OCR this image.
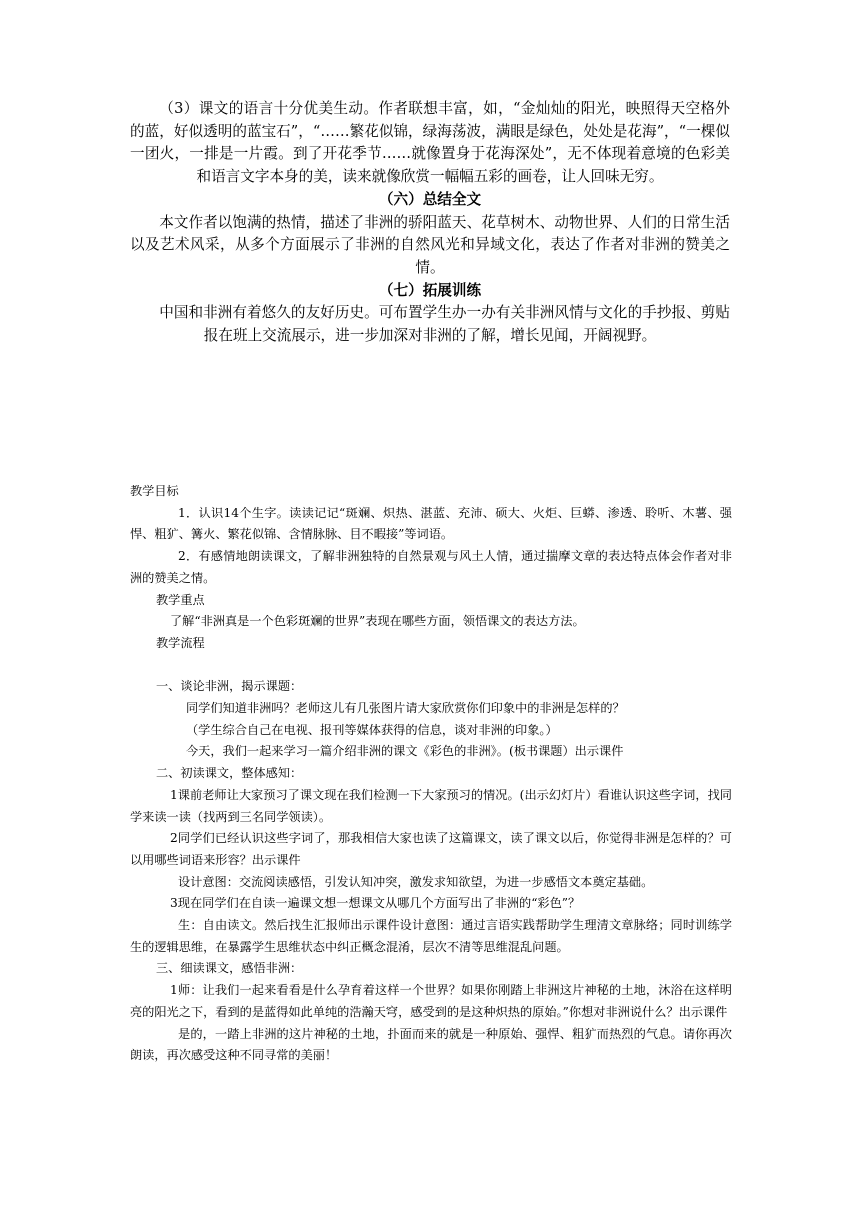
（3）课文的语言十分优美生动。作者联想丰富，如，“金灿灿的阳光，映照得天空格外的蓝，好似透明的蓝宝石”，“……繁花似锦，绿海荡波，满眼是绿色，处处是花海”，“一棵似一团火，一排是一片霞。到了开花季节……就像置身于花海深处”，无不体现着意境的色彩美和语言文字本身的美，读来就像欣赏一幅幅五彩的画卷，让人回味无穷。

（六）总结全文

本文作者以饱满的热情，描述了非洲的骄阳蓝天、花草树木、动物世界、人们的日常生活以及艺术风采，从多个方面展示了非洲的自然风光和异域文化，表达了作者对非洲的赞美之情。

（七）拓展训练

中国和非洲有着悠久的友好历史。可布置学生办一办有关非洲风情与文化的手抄报、剪贴报在班上交流展示，进一步加深对非洲的了解，增长见闻，开阔视野。

教学目标

1．认识14个生字。读读记记“斑斓、炽热、湛蓝、充沛、硕大、火炬、巨蟒、渗透、聆听、木薯、强悍、粗犷、篝火、繁花似锦、含情脉脉、目不暇接”等词语。

2．有感情地朗读课文，了解非洲独特的自然景观与风土人情，通过揣摩文章的表达特点体会作者对非洲的赞美之情。

教学重点

了解“非洲真是一个色彩斑斓的世界”表现在哪些方面，领悟课文的表达方法。

教学流程

一、谈论非洲，揭示课题：

同学们知道非洲吗？老师这儿有几张图片请大家欣赏你们印象中的非洲是怎样的？

（学生综合自己在电视、报刊等媒体获得的信息，谈对非洲的印象。）

今天，我们一起来学习一篇介绍非洲的课文《彩色的非洲》。(板书课题）出示课件

二、初读课文，整体感知：

1课前老师让大家预习了课文现在我们检测一下大家预习的情况。(出示幻灯片）看谁认识这些字词，找同学来读一读（找两到三名同学领读）。

2同学们已经认识这些字词了，那我相信大家也读了这篇课文，读了课文以后，你觉得非洲是怎样的？可以用哪些词语来形容？出示课件

设计意图：交流阅读感悟，引发认知冲突，激发求知欲望，为进一步感悟文本奠定基础。

3现在同学们在自读一遍课文想一想课文从哪几个方面写出了非洲的“彩色”？

生：自由读文。然后找生汇报师出示课件设计意图：通过言语实践帮助学生理清文章脉络；同时训练学生的逻辑思维，在暴露学生思维状态中纠正概念混淆，层次不清等思维混乱问题。

三、细读课文，感悟非洲：

1师：让我们一起来看看是什么孕育着这样一个世界？如果你刚踏上非洲这片神秘的土地，沐浴在这样明亮的阳光之下，看到的是蓝得如此单纯的浩瀚天穹，感受到的是这种炽热的原始。”你想对非洲说什么？出示课件

是的，一踏上非洲的这片神秘的土地，扑面而来的就是一种原始、强悍、粗犷而热烈的气息。请你再次朗读，再次感受这种不同寻常的美丽！
